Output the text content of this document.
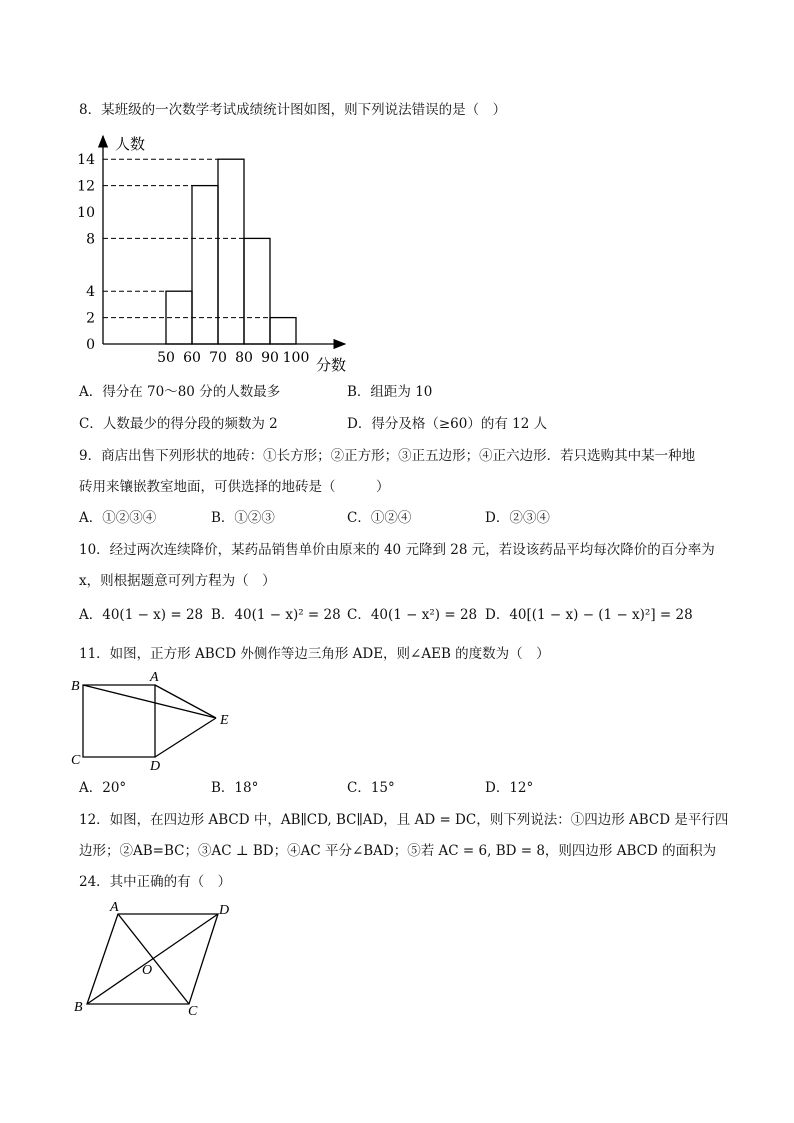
8．某班级的一次数学考试成绩统计图如图，则下列说法错误的是（　）
0
2
4
8
10
12
14
50 60 70 80 90 100
人数
分数
A．得分在 70～80 分的人数最多	B．组距为 10
C．人数最少的得分段的频数为 2	D．得分及格（≥60）的有 12 人
9．商店出售下列形状的地砖：①长方形；②正方形；③正五边形；④正六边形．若只选购其中某一种地
砖用来镶嵌教室地面，可供选择的地砖是（　　　）
A．①②③④	B．①②③	C．①②④	D．②③④
10．经过两次连续降价，某药品销售单价由原来的 40 元降到 28 元，若设该药品平均每次降价的百分率为
x，则根据题意可列方程为（　）
A．40(1 − x) = 28 B．40(1 − x)² = 28 C．40(1 − x²) = 28 D．40[(1 − x) − (1 − x)²] = 28
11．如图，正方形 ABCD 外侧作等边三角形 ADE，则∠AEB 的度数为（　）
B
A
E
C	D
A．20°	B．18°	C．15°	D．12°
12．如图，在四边形 ABCD 中，AB∥CD, BC∥AD，且 AD = DC，则下列说法：①四边形 ABCD 是平行四
边形；②AB=BC；③AC ⊥ BD；④AC 平分∠BAD；⑤若 AC = 6, BD = 8，则四边形 ABCD 的面积为
24．其中正确的有（　）
A	D
B	C
O
